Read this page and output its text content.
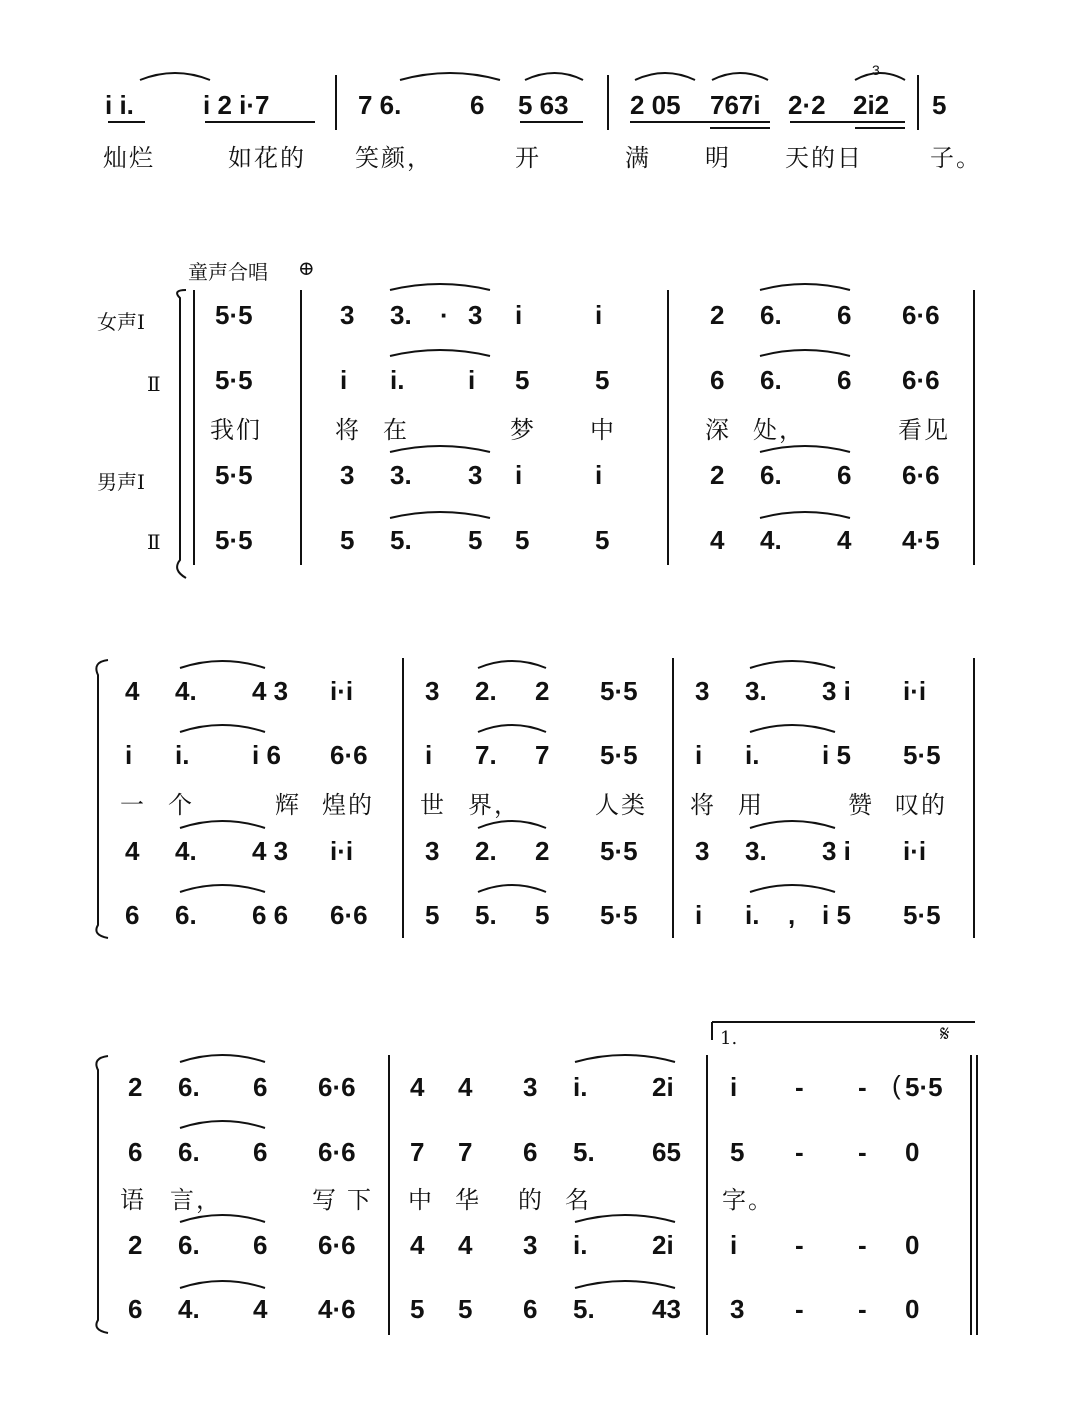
i i.	i 2 i·7	7 6.	6 5 63 2 05 767i 2·2 2i2
3
5
灿烂	如花的 笑颜，	开	满 明 天的日	子。
童声合唱 ⊕
女声Ⅰ
Ⅱ
男声Ⅰ
Ⅱ
5·5	3 3. · 3 i	i	2 6. 6 6·6
5·5	i i. i 5	5	6 6. 6 6·6
我们	将 在	梦 中	深 处，	看见
5·5	3 3. 3 i	i	2 6. 6 6·6
5·5	5 5. 5 5	5	4 4. 4 4·5
4 4. 4 3 i·i	3 2. 2 5·5 3 3. 3 i i·i
i i. i 6 6·6 i 7. 7 5·5 i i. i 5 5·5
一 个	辉 煌的 世 界，	人类 将 用	赞 叹的
4 4. 4 3 i·i	3 2. 2 5·5 3 3. 3 i i·i
6 6. 6 6 6·6 5 5. 5 5·5 i i. , i 5 5·5
1.	𝄋
2 6. 6 6·6 4 4 3 i. 2i i - - ( 5·5
6 6. 6 6·6 7 7 6 5. 65 5 - - 0
语 言，	写 下 中 华 的 名	字。
2 6. 6 6·6 4 4 3 i. 2i i - - 0
6 4. 4 4·6 5 5 6 5. 43 3 - - 0
